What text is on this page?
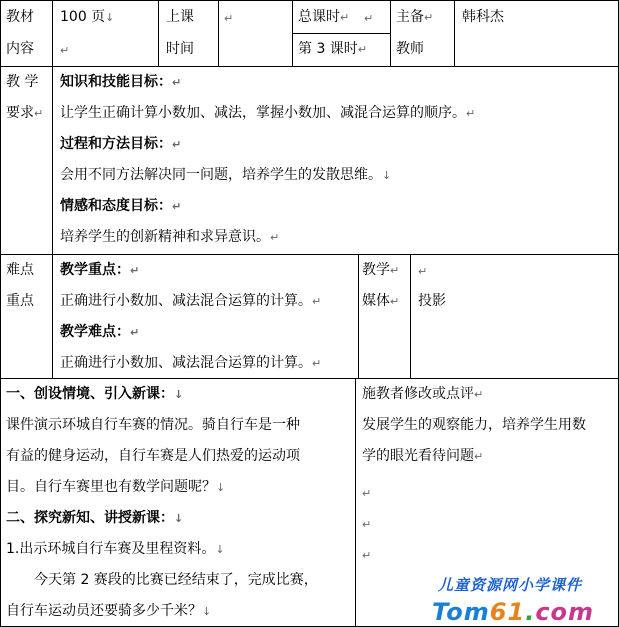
教材
内容
100 页↓
↵
上课
时间
↵	总课时↵
第 3 课时↵
↵ 主备↵
教师
韩科杰
教 学
要求↵
知识和技能目标：↵
让学生正确计算小数加、减法，掌握小数加、减混合运算的顺序。↵
过程和方法目标：↵
会用不同方法解决同一问题，培养学生的发散思维。↓
情感和态度目标：↵
培养学生的创新精神和求异意识。↵
难点
重点
教学重点：↵
正确进行小数加、减法混合运算的计算。↵
教学难点：↵
正确进行小数加、减法混合运算的计算。↵
教学↵
媒体↵
↵
投影
一、创设情境、引入新课：↓
课件演示环城自行车赛的情况。骑自行车是一种
有益的健身运动，自行车赛是人们热爱的运动项
目。自行车赛里也有数学问题呢？↓
二、探究新知、讲授新课：↓
1.出示环城自行车赛及里程资料。↓
今天第 2 赛段的比赛已经结束了，完成比赛，
自行车运动员还要骑多少千米？↓
施教者修改或点评↵
发展学生的观察能力，培养学生用数
学的眼光看待问题↵
↵
↵
↵
儿童资源网小学课件
Tom61.com
